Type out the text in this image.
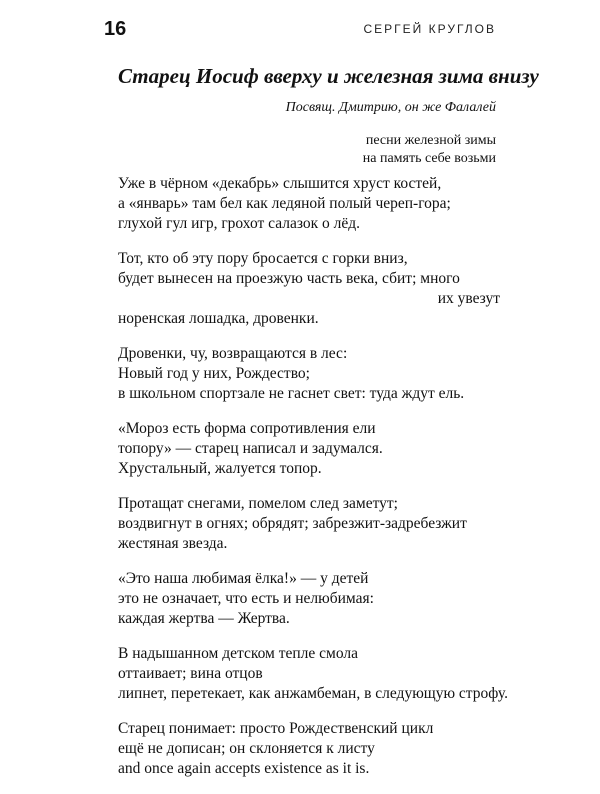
16	СЕРГЕЙ КРУГЛОВ
Старец Иосиф вверху и железная зима внизу
Посвящ. Дмитрию, он же Фалалей
песни железной зимы
на память себе возьми
Уже в чёрном «декабрь» слышится хруст костей,
а «январь» там бел как ледяной полый череп-гора;
глухой гул игр, грохот салазок о лёд.
Тот, кто об эту пору бросается с горки вниз,
будет вынесен на проезжую часть века, сбит; много
их увезут
норенская лошадка, дровенки.
Дровенки, чу, возвращаются в лес:
Новый год у них, Рождество;
в школьном спортзале не гаснет свет: туда ждут ель.
«Мороз есть форма сопротивления ели
топору» — старец написал и задумался.
Хрустальный, жалуется топор.
Протащат снегами, помелом след заметут;
воздвигнут в огнях; обрядят; забрезжит-задребезжит
жестяная звезда.
«Это наша любимая ёлка!» — у детей
это не означает, что есть и нелюбимая:
каждая жертва — Жертва.
В надышанном детском тепле смола
оттаивает; вина отцов
липнет, перетекает, как анжамбеман, в следующую строфу.
Старец понимает: просто Рождественский цикл
ещё не дописан; он склоняется к листу
and once again accepts existence as it is.
